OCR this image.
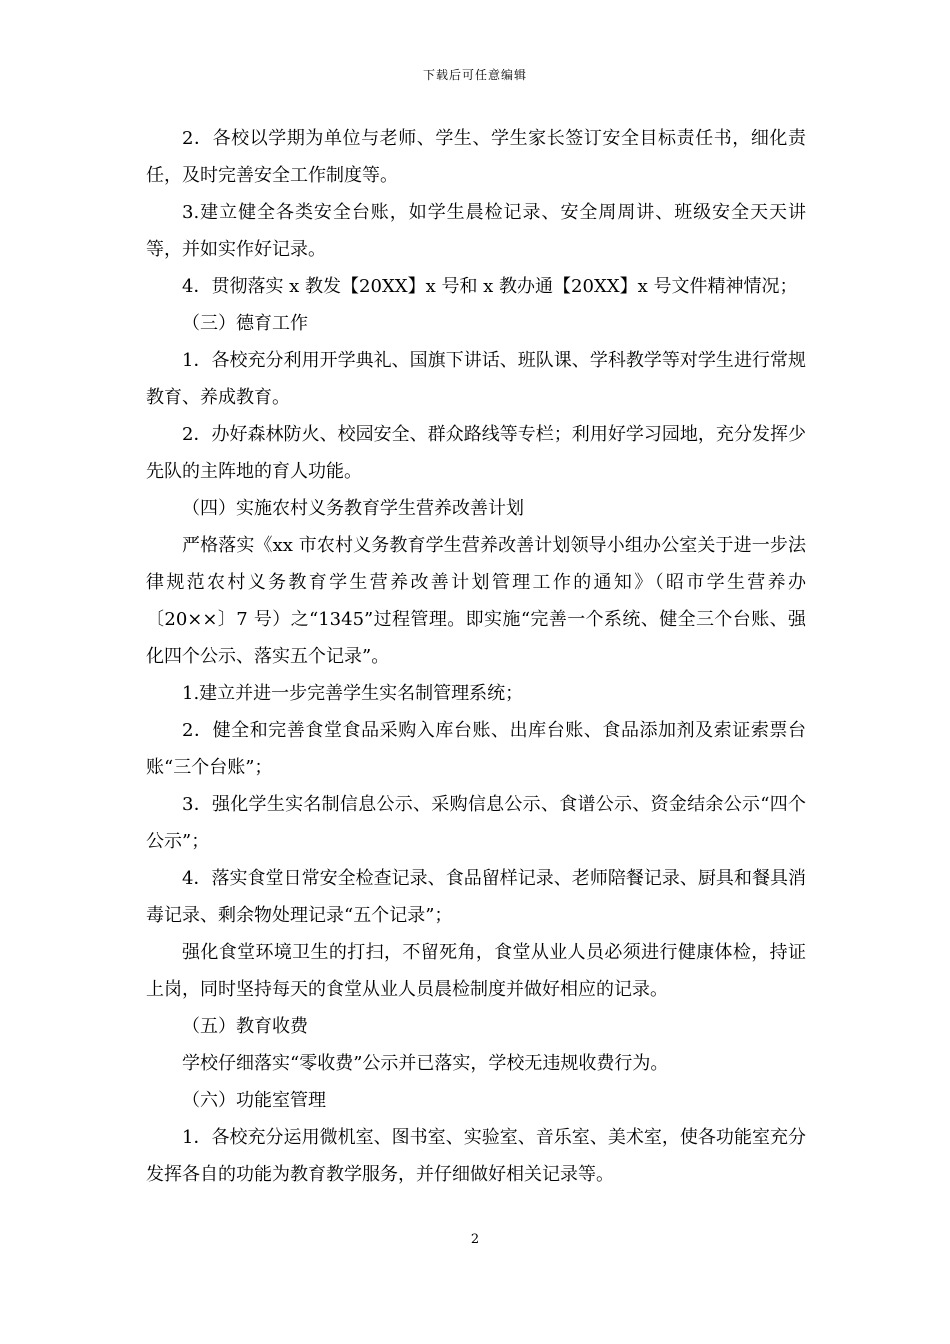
下载后可任意编辑

2．各校以学期为单位与老师、学生、学生家长签订安全目标责任书，细化责任，及时完善安全工作制度等。

3.建立健全各类安全台账，如学生晨检记录、安全周周讲、班级安全天天讲等，并如实作好记录。

4．贯彻落实 x 教发【20XX】x 号和 x 教办通【20XX】x 号文件精神情况；

（三）德育工作

1．各校充分利用开学典礼、国旗下讲话、班队课、学科教学等对学生进行常规教育、养成教育。

2．办好森林防火、校园安全、群众路线等专栏；利用好学习园地，充分发挥少先队的主阵地的育人功能。

（四）实施农村义务教育学生营养改善计划

严格落实《xx 市农村义务教育学生营养改善计划领导小组办公室关于进一步法律规范农村义务教育学生营养改善计划管理工作的通知》（昭市学生营养办〔20××〕7 号）之“1345”过程管理。即实施“完善一个系统、健全三个台账、强化四个公示、落实五个记录”。

1.建立并进一步完善学生实名制管理系统；

2．健全和完善食堂食品采购入库台账、出库台账、食品添加剂及索证索票台账“三个台账”；

3．强化学生实名制信息公示、采购信息公示、食谱公示、资金结余公示“四个公示”；

4．落实食堂日常安全检查记录、食品留样记录、老师陪餐记录、厨具和餐具消毒记录、剩余物处理记录“五个记录”；

强化食堂环境卫生的打扫，不留死角，食堂从业人员必须进行健康体检，持证上岗，同时坚持每天的食堂从业人员晨检制度并做好相应的记录。

（五）教育收费

学校仔细落实“零收费”公示并已落实，学校无违规收费行为。

（六）功能室管理

1．各校充分运用微机室、图书室、实验室、音乐室、美术室，使各功能室充分发挥各自的功能为教育教学服务，并仔细做好相关记录等。

2
